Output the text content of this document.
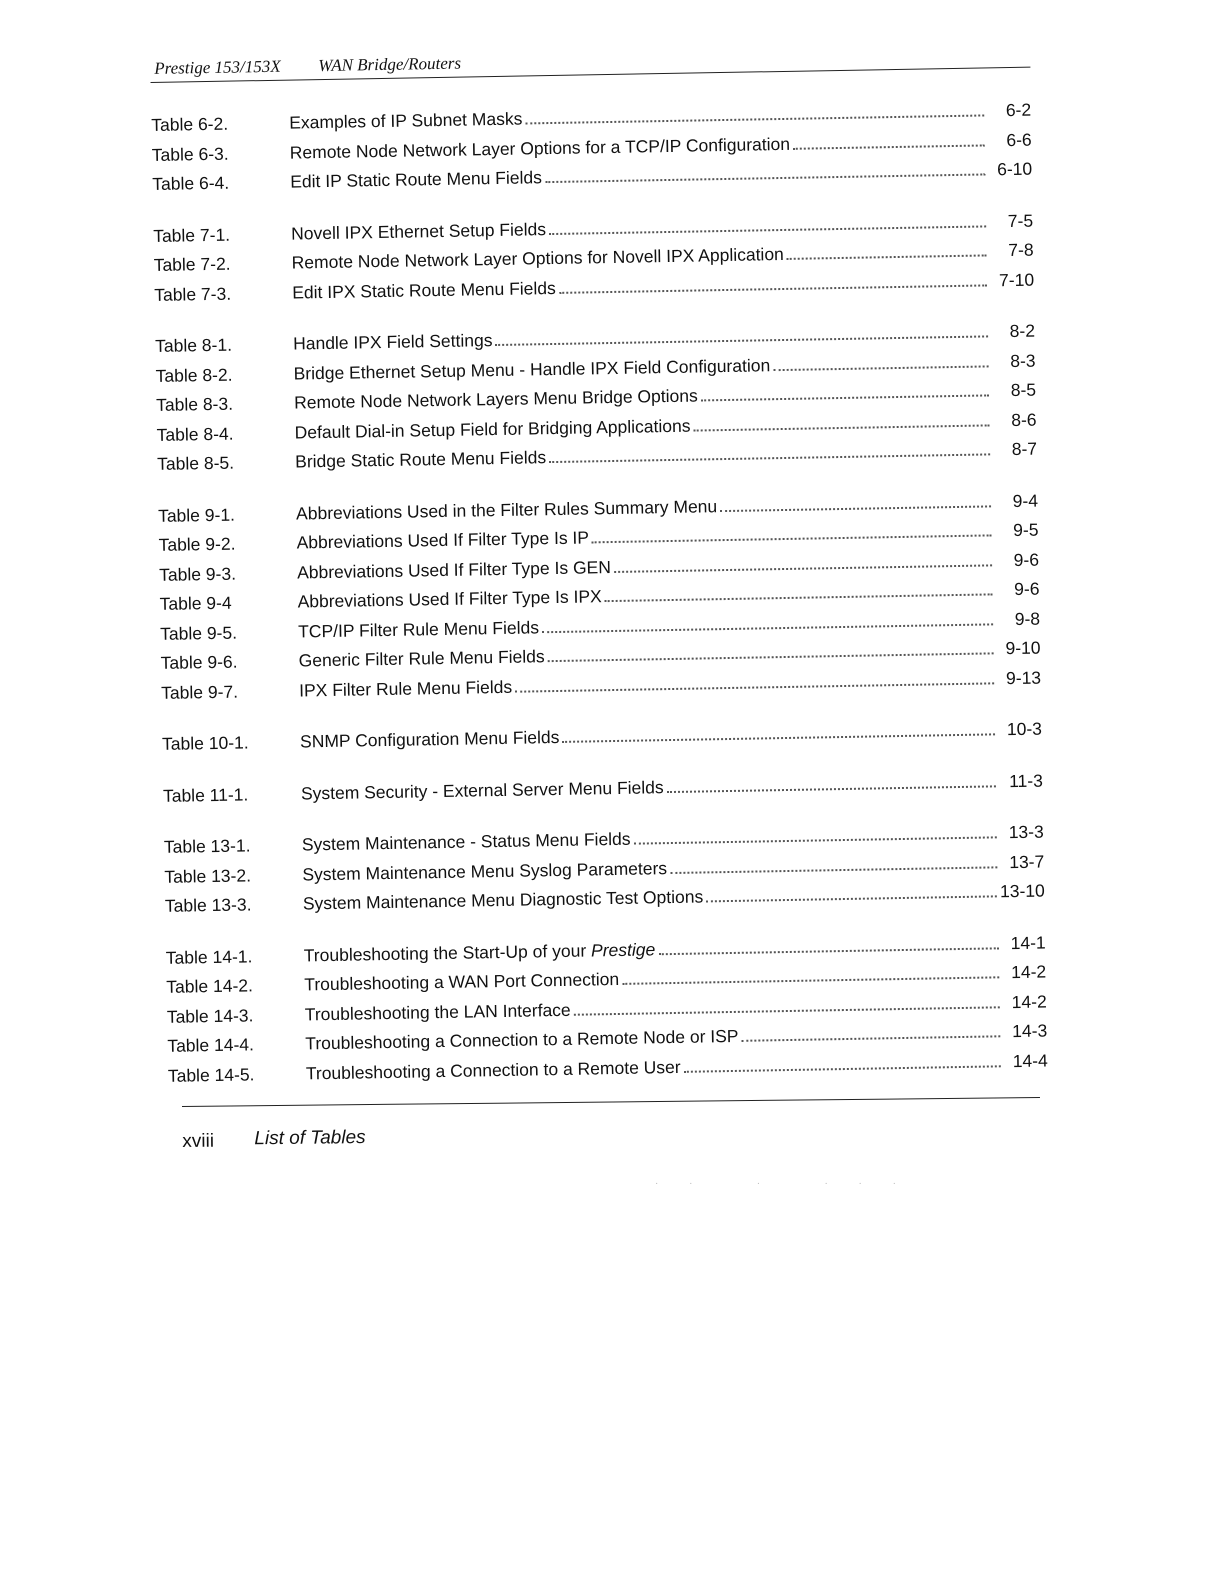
Prestige 153/153X WAN Bridge/Routers
Table 6-2.	Examples of IP Subnet Masks	6-2
Table 6-3.	Remote Node Network Layer Options for a TCP/IP Configuration	6-6
Table 6-4.	Edit IP Static Route Menu Fields	6-10
Table 7-1.	Novell IPX Ethernet Setup Fields	7-5
Table 7-2.	Remote Node Network Layer Options for Novell IPX Application	7-8
Table 7-3.	Edit IPX Static Route Menu Fields	7-10
Table 8-1.	Handle IPX Field Settings	8-2
Table 8-2.	Bridge Ethernet Setup Menu - Handle IPX Field Configuration	8-3
Table 8-3.	Remote Node Network Layers Menu Bridge Options	8-5
Table 8-4.	Default Dial-in Setup Field for Bridging Applications	8-6
Table 8-5.	Bridge Static Route Menu Fields	8-7
Table 9-1.	Abbreviations Used in the Filter Rules Summary Menu	9-4
Table 9-2.	Abbreviations Used If Filter Type Is IP	9-5
Table 9-3.	Abbreviations Used If Filter Type Is GEN	9-6
Table 9-4	Abbreviations Used If Filter Type Is IPX	9-6
Table 9-5.	TCP/IP Filter Rule Menu Fields	9-8
Table 9-6.	Generic Filter Rule Menu Fields	9-10
Table 9-7.	IPX Filter Rule Menu Fields	9-13
Table 10-1.	SNMP Configuration Menu Fields	10-3
Table 11-1.	System Security - External Server Menu Fields	11-3
Table 13-1.	System Maintenance - Status Menu Fields	13-3
Table 13-2.	System Maintenance Menu Syslog Parameters	13-7
Table 13-3.	System Maintenance Menu Diagnostic Test Options	13-10
Table 14-1.	Troubleshooting the Start-Up of your Prestige	14-1
Table 14-2.	Troubleshooting a WAN Port Connection	14-2
Table 14-3.	Troubleshooting the LAN Interface	14-2
Table 14-4.	Troubleshooting a Connection to a Remote Node or ISP	14-3
Table 14-5.	Troubleshooting a Connection to a Remote User	14-4
xviii List of Tables
· ·   ·   · · ·
